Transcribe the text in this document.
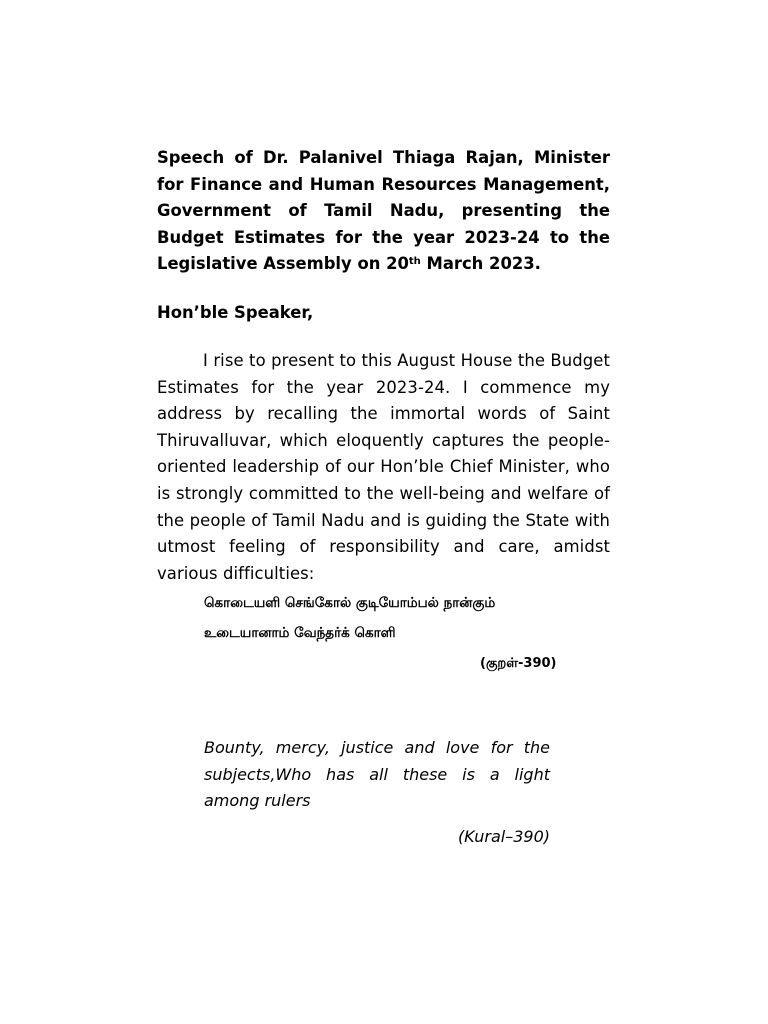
Speech of Dr. Palanivel Thiaga Rajan, Minister for Finance and Human Resources Management, Government of Tamil Nadu, presenting the Budget Estimates for the year 2023-24 to the Legislative Assembly on 20th March 2023.
Hon’ble Speaker,
I rise to present to this August House the Budget Estimates for the year 2023-24. I commence my address by recalling the immortal words of Saint Thiruvalluvar, which eloquently captures the people-oriented leadership of our Hon’ble Chief Minister, who is strongly committed to the well-being and welfare of the people of Tamil Nadu and is guiding the State with utmost feeling of responsibility and care, amidst various difficulties:
கொடையளி செங்கோல் குடியோம்பல் நான்கும்
உடையானாம் வேந்தர்க் கொளி
(குறள்-390)
Bounty, mercy, justice and love for the subjects,Who has all these is a light among rulers
(Kural–390)
